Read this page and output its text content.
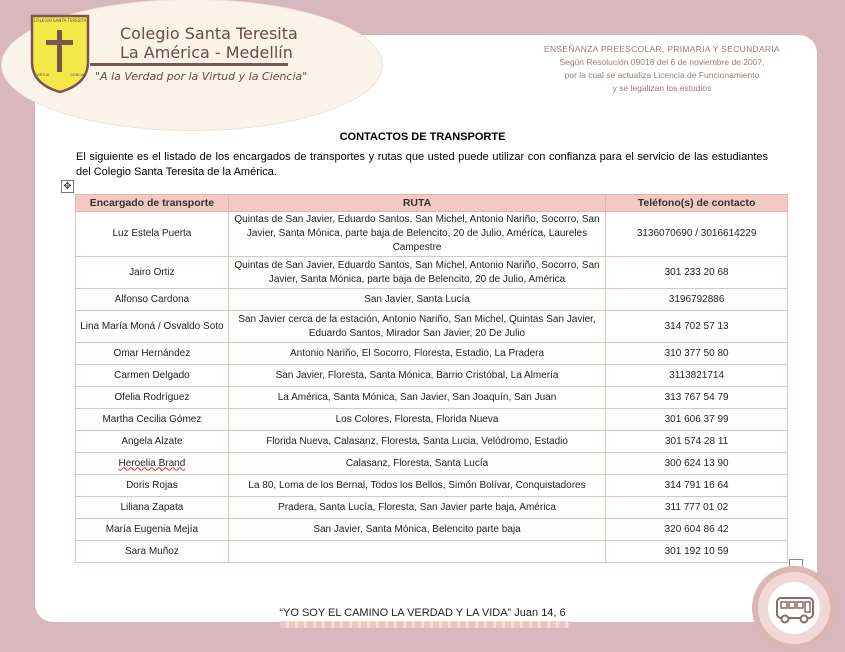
COLEGIO SANTA TERESITA
VIRTUD	CIENCIA
Colegio Santa Teresita
La América - Medellín
"A la Verdad por la Virtud y la Ciencia"
ENSEÑANZA PREESCOLAR, PRIMARIA Y SECUNDARIA
Según Resolución 09018 del 6 de noviembre de 2007,
por la cual se actualiza Licencia de Funcionamiento
y se legalizan los estudios
CONTACTOS DE TRANSPORTE
El siguiente es el listado de los encargados de transportes y rutas que usted puede utilizar con confianza para el servicio de las estudiantes del Colegio Santa Teresita de la América.
✥
Encargado de transporte	RUTA	Teléfono(s) de contacto
Luz Estela Puerta	Quintas de San Javier, Eduardo Santos, San Michel, Antonio Nariño, Socorro, San Javier, Santa Mónica, parte baja de Belencito, 20 de Julio, América, Laureles Campestre	3136070690 / 3016614229
Jairo Ortiz	Quintas de San Javier, Eduardo Santos, San Michel, Antonio Nariño, Socorro, San Javier, Santa Mónica, parte baja de Belencito, 20 de Julio, América	301 233 20 68
Alfonso Cardona	San Javier, Santa Lucía	3196792886
Lina María Moná / Osvaldo Soto	San Javier cerca de la estación, Antonio Nariño, San Michel, Quintas San Javier, Eduardo Santos, Mirador San Javier, 20 De Julio	314 702 57 13
Omar Hernández	Antonio Nariño, El Socorro, Floresta, Estadio, La Pradera	310 377 50 80
Carmen Delgado	San Javier, Floresta, Santa Mónica, Barrio Cristóbal, La Almería	3113821714
Ofelia Rodríguez	La América, Santa Mónica, San Javier, San Joaquín, San Juan	313 767 54 79
Martha Cecilia Gómez	Los Colores, Floresta, Florida Nueva	301 606 37 99
Angela Alzate	Florida Nueva, Calasanz, Floresta, Santa Lucia, Velódromo, Estadio	301 574 28 11
Heroelia Brand	Calasanz, Floresta, Santa Lucía	300 624 13 90
Doris Rojas	La 80, Loma de los Bernal, Todos los Bellos, Simón Bolívar, Conquistadores	314 791 16 64
Liliana Zapata	Pradera, Santa Lucía, Floresta, San Javier parte baja, América	311 777 01 02
María Eugenia Mejía	San Javier, Santa Mónica, Belencito parte baja	320 604 86 42
Sara Muñoz		301 192 10 59
“YO SOY EL CAMINO LA VERDAD Y LA VIDA” Juan 14, 6
